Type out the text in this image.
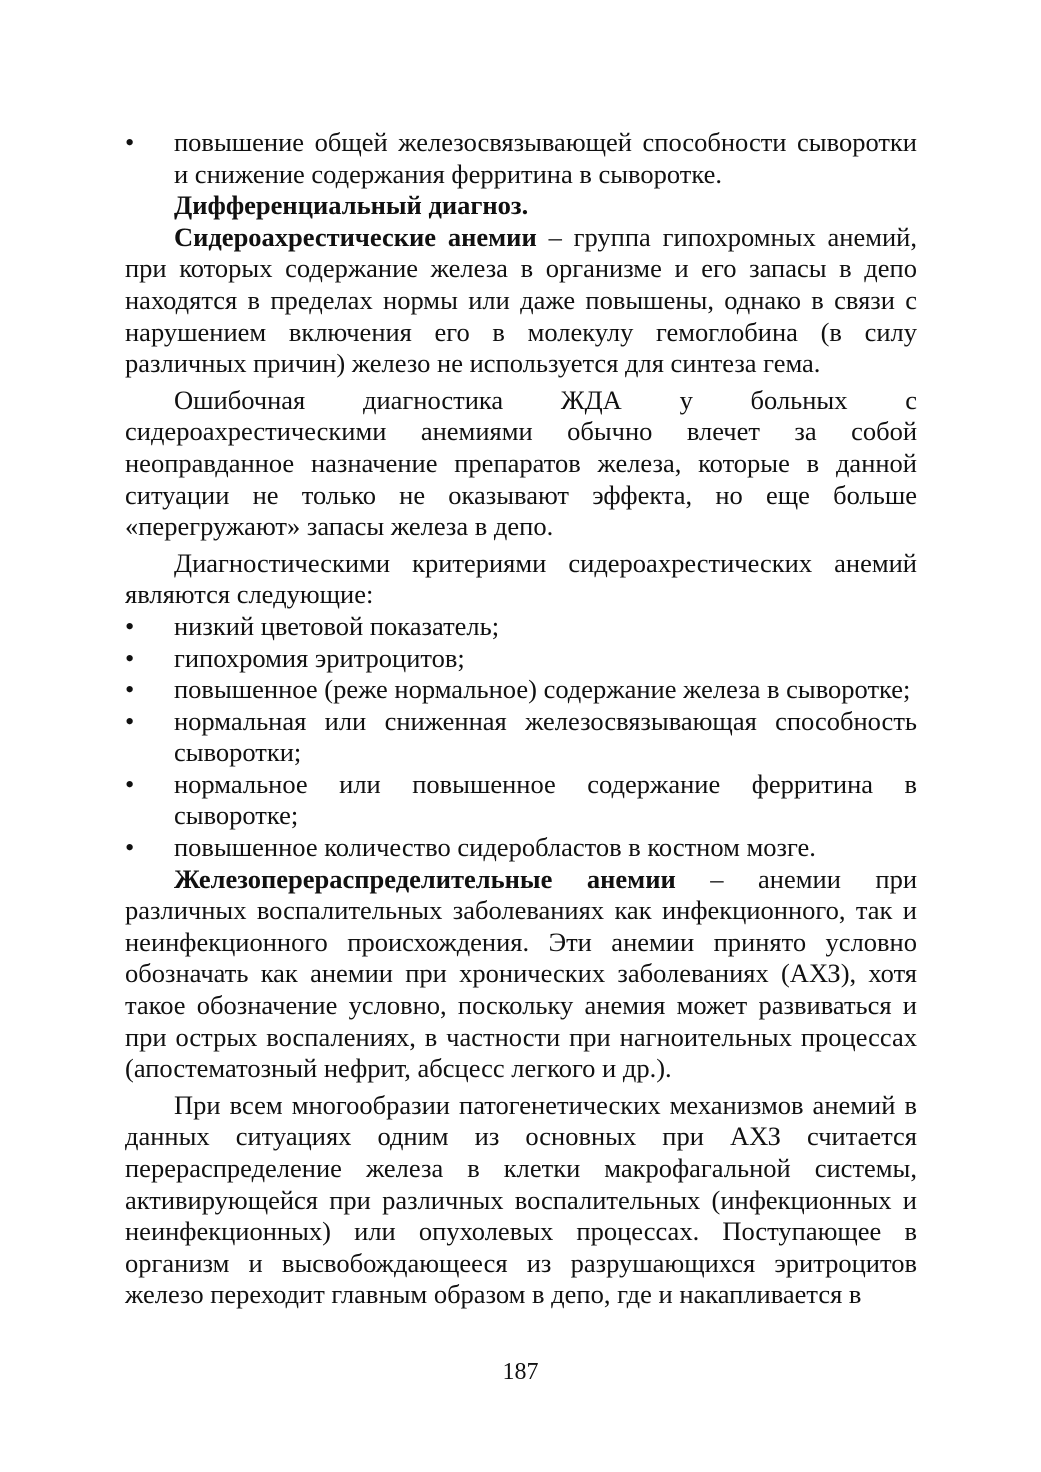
• повышение общей железосвязывающей способности сыворотки и снижение содержания ферритина в сыворотке.

Дифференциальный диагноз.

Сидероахрестические анемии – группа гипохромных анемий, при которых содержание железа в организме и его запасы в депо находятся в пределах нормы или даже повышены, однако в связи с нарушением включения его в молекулу гемоглобина (в силу различных причин) железо не используется для синтеза гема.

Ошибочная диагностика ЖДА у больных с сидероахрестическими анемиями обычно влечет за собой неоправданное назначение препаратов железа, которые в данной ситуации не только не оказывают эффекта, но еще больше «перегружают» запасы железа в депо.

Диагностическими критериями сидероахрестических анемий являются следующие:

• низкий цветовой показатель;
• гипохромия эритроцитов;
• повышенное (реже нормальное) содержание железа в сыворотке;
• нормальная или сниженная железосвязывающая способность сыворотки;
• нормальное или повышенное содержание ферритина в сыворотке;
• повышенное количество сидеробластов в костном мозге.

Железоперераспределительные анемии – анемии при различных воспалительных заболеваниях как инфекционного, так и неинфекционного происхождения. Эти анемии принято условно обозначать как анемии при хронических заболеваниях (АХЗ), хотя такое обозначение условно, поскольку анемия может развиваться и при острых воспалениях, в частности при нагноительных процессах (апостематозный нефрит, абсцесс легкого и др.).

При всем многообразии патогенетических механизмов анемий в данных ситуациях одним из основных при АХЗ считается перераспределение железа в клетки макрофагальной системы, активирующейся при различных воспалительных (инфекционных и неинфекционных) или опухолевых процессах. Поступающее в организм и высвобождающееся из разрушающихся эритроцитов железо переходит главным образом в депо, где и накапливается в

187
